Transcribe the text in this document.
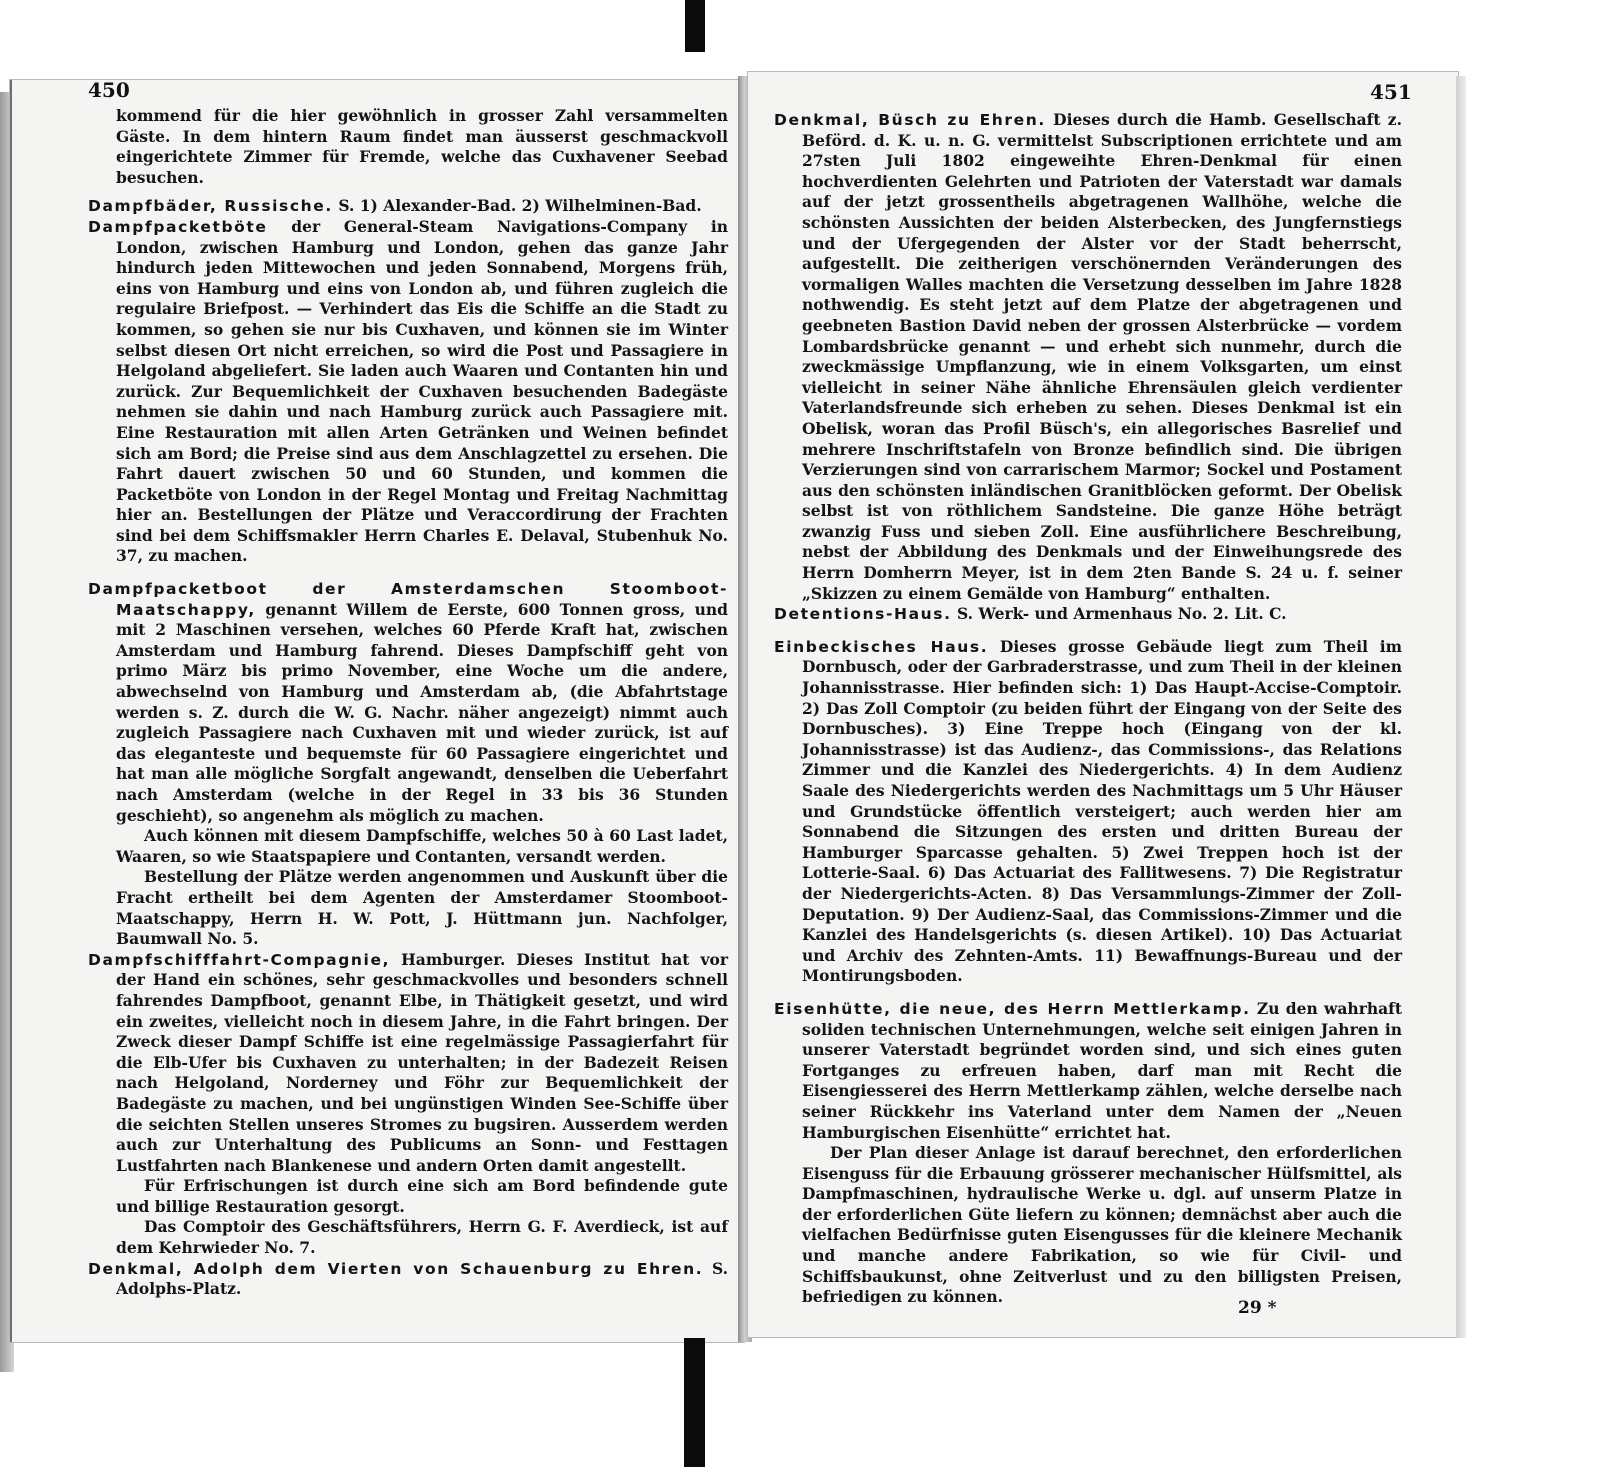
450

kommend für die hier gewöhnlich in grosser Zahl versammelten Gäste. In dem hintern Raum findet man äusserst geschmackvoll eingerichtete Zimmer für Fremde, welche das Cuxhavener Seebad besuchen.

Dampfbäder, Russische. S. 1) Alexander-Bad. 2) Wilhelminen-Bad.

Dampfpacketböte der General-Steam Navigations-Company in London, zwischen Hamburg und London, gehen das ganze Jahr hindurch jeden Mittewochen und jeden Sonnabend, Morgens früh, eins von Hamburg und eins von London ab, und führen zugleich die regulaire Briefpost. — Verhindert das Eis die Schiffe an die Stadt zu kommen, so gehen sie nur bis Cuxhaven, und können sie im Winter selbst diesen Ort nicht erreichen, so wird die Post und Passagiere in Helgoland abgeliefert. Sie laden auch Waaren und Contanten hin und zurück. Zur Bequemlichkeit der Cuxhaven besuchenden Badegäste nehmen sie dahin und nach Hamburg zurück auch Passagiere mit. Eine Restauration mit allen Arten Getränken und Weinen befindet sich am Bord; die Preise sind aus dem Anschlagzettel zu ersehen. Die Fahrt dauert zwischen 50 und 60 Stunden, und kommen die Packetböte von London in der Regel Montag und Freitag Nachmittag hier an. Bestellungen der Plätze und Veraccordirung der Frachten sind bei dem Schiffsmakler Herrn Charles E. Delaval, Stubenhuk No. 37, zu machen.

Dampfpacketboot der Amsterdamschen Stoomboot-Maatschappy, genannt Willem de Eerste, 600 Tonnen gross, und mit 2 Maschinen versehen, welches 60 Pferde Kraft hat, zwischen Amsterdam und Hamburg fahrend. Dieses Dampfschiff geht von primo März bis primo November, eine Woche um die andere, abwechselnd von Hamburg und Amsterdam ab, (die Abfahrtstage werden s. Z. durch die W. G. Nachr. näher angezeigt) nimmt auch zugleich Passagiere nach Cuxhaven mit und wieder zurück, ist auf das eleganteste und bequemste für 60 Passagiere eingerichtet und hat man alle mögliche Sorgfalt angewandt, denselben die Ueberfahrt nach Amsterdam (welche in der Regel in 33 bis 36 Stunden geschieht), so angenehm als möglich zu machen.

Auch können mit diesem Dampfschiffe, welches 50 à 60 Last ladet, Waaren, so wie Staatspapiere und Contanten, versandt werden.

Bestellung der Plätze werden angenommen und Auskunft über die Fracht ertheilt bei dem Agenten der Amsterdamer Stoomboot-Maatschappy, Herrn H. W. Pott, J. Hüttmann jun. Nachfolger, Baumwall No. 5.

Dampfschifffahrt-Compagnie, Hamburger. Dieses Institut hat vor der Hand ein schönes, sehr geschmackvolles und besonders schnell fahrendes Dampfboot, genannt Elbe, in Thätigkeit gesetzt, und wird ein zweites, vielleicht noch in diesem Jahre, in die Fahrt bringen. Der Zweck dieser Dampf Schiffe ist eine regelmässige Passagierfahrt für die Elb-Ufer bis Cuxhaven zu unterhalten; in der Badezeit Reisen nach Helgoland, Norderney und Föhr zur Bequemlichkeit der Badegäste zu machen, und bei ungünstigen Winden See-Schiffe über die seichten Stellen unseres Stromes zu bugsiren. Ausserdem werden auch zur Unterhaltung des Publicums an Sonn- und Festtagen Lustfahrten nach Blankenese und andern Orten damit angestellt.

Für Erfrischungen ist durch eine sich am Bord befindende gute und billige Restauration gesorgt.

Das Comptoir des Geschäftsführers, Herrn G. F. Averdieck, ist auf dem Kehrwieder No. 7.

Denkmal, Adolph dem Vierten von Schauenburg zu Ehren. S. Adolphs-Platz.

451

Denkmal, Büsch zu Ehren. Dieses durch die Hamb. Gesellschaft z. Beförd. d. K. u. n. G. vermittelst Subscriptionen errichtete und am 27sten Juli 1802 eingeweihte Ehren-Denkmal für einen hochverdienten Gelehrten und Patrioten der Vaterstadt war damals auf der jetzt grossentheils abgetragenen Wallhöhe, welche die schönsten Aussichten der beiden Alsterbecken, des Jungfernstiegs und der Ufergegenden der Alster vor der Stadt beherrscht, aufgestellt. Die zeitherigen verschönernden Veränderungen des vormaligen Walles machten die Versetzung desselben im Jahre 1828 nothwendig. Es steht jetzt auf dem Platze der abgetragenen und geebneten Bastion David neben der grossen Alsterbrücke — vordem Lombardsbrücke genannt — und erhebt sich nunmehr, durch die zweckmässige Umpflanzung, wie in einem Volksgarten, um einst vielleicht in seiner Nähe ähnliche Ehrensäulen gleich verdienter Vaterlandsfreunde sich erheben zu sehen. Dieses Denkmal ist ein Obelisk, woran das Profil Büsch's, ein allegorisches Basrelief und mehrere Inschriftstafeln von Bronze befindlich sind. Die übrigen Verzierungen sind von carrarischem Marmor; Sockel und Postament aus den schönsten inländischen Granitblöcken geformt. Der Obelisk selbst ist von röthlichem Sandsteine. Die ganze Höhe beträgt zwanzig Fuss und sieben Zoll. Eine ausführlichere Beschreibung, nebst der Abbildung des Denkmals und der Einweihungsrede des Herrn Domherrn Meyer, ist in dem 2ten Bande S. 24 u. f. seiner „Skizzen zu einem Gemälde von Hamburg“ enthalten.

Detentions-Haus. S. Werk- und Armenhaus No. 2. Lit. C.

Einbeckisches Haus. Dieses grosse Gebäude liegt zum Theil im Dornbusch, oder der Garbraderstrasse, und zum Theil in der kleinen Johannisstrasse. Hier befinden sich: 1) Das Haupt-Accise-Comptoir. 2) Das Zoll Comptoir (zu beiden führt der Eingang von der Seite des Dornbusches). 3) Eine Treppe hoch (Eingang von der kl. Johannisstrasse) ist das Audienz-, das Commissions-, das Relations Zimmer und die Kanzlei des Niedergerichts. 4) In dem Audienz Saale des Niedergerichts werden des Nachmittags um 5 Uhr Häuser und Grundstücke öffentlich versteigert; auch werden hier am Sonnabend die Sitzungen des ersten und dritten Bureau der Hamburger Sparcasse gehalten. 5) Zwei Treppen hoch ist der Lotterie-Saal. 6) Das Actuariat des Fallitwesens. 7) Die Registratur der Niedergerichts-Acten. 8) Das Versammlungs-Zimmer der Zoll-Deputation. 9) Der Audienz-Saal, das Commissions-Zimmer und die Kanzlei des Handelsgerichts (s. diesen Artikel). 10) Das Actuariat und Archiv des Zehnten-Amts. 11) Bewaffnungs-Bureau und der Montirungsboden.

Eisenhütte, die neue, des Herrn Mettlerkamp. Zu den wahrhaft soliden technischen Unternehmungen, welche seit einigen Jahren in unserer Vaterstadt begründet worden sind, und sich eines guten Fortganges zu erfreuen haben, darf man mit Recht die Eisengiesserei des Herrn Mettlerkamp zählen, welche derselbe nach seiner Rückkehr ins Vaterland unter dem Namen der „Neuen Hamburgischen Eisenhütte“ errichtet hat.

Der Plan dieser Anlage ist darauf berechnet, den erforderlichen Eisenguss für die Erbauung grösserer mechanischer Hülfsmittel, als Dampfmaschinen, hydraulische Werke u. dgl. auf unserm Platze in der erforderlichen Güte liefern zu können; demnächst aber auch die vielfachen Bedürfnisse guten Eisengusses für die kleinere Mechanik und manche andere Fabrikation, so wie für Civil- und Schiffsbaukunst, ohne Zeitverlust und zu den billigsten Preisen, befriedigen zu können.

29 *
